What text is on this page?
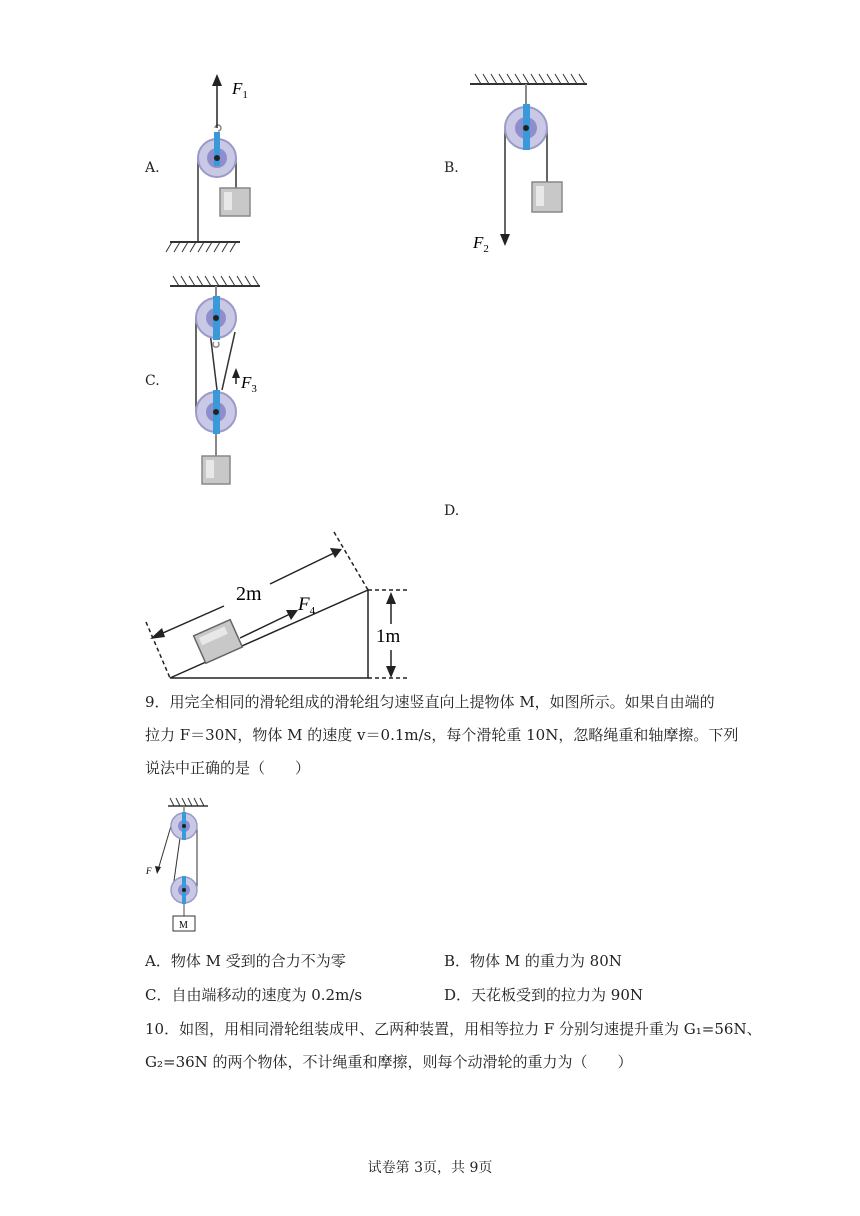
A.	B.
C.
D.
$F_1$
$F_2$
$F_3$
1m
2m $F_4$
9．用完全相同的滑轮组成的滑轮组匀速竖直向上提物体 M，如图所示。如果自由端的
拉力 F＝30N，物体 M 的速度 v＝0.1m/s，每个滑轮重 10N，忽略绳重和轴摩擦。下列
说法中正确的是（　　）
F
M
A．物体 M 受到的合力不为零	B．物体 M 的重力为 80N
C．自由端移动的速度为 0.2m/s	D．天花板受到的拉力为 90N
10．如图，用相同滑轮组装成甲、乙两种装置，用相等拉力 F 分别匀速提升重为 G₁=56N、
G₂=36N 的两个物体，不计绳重和摩擦，则每个动滑轮的重力为（　　）
试卷第 3页，共 9页
